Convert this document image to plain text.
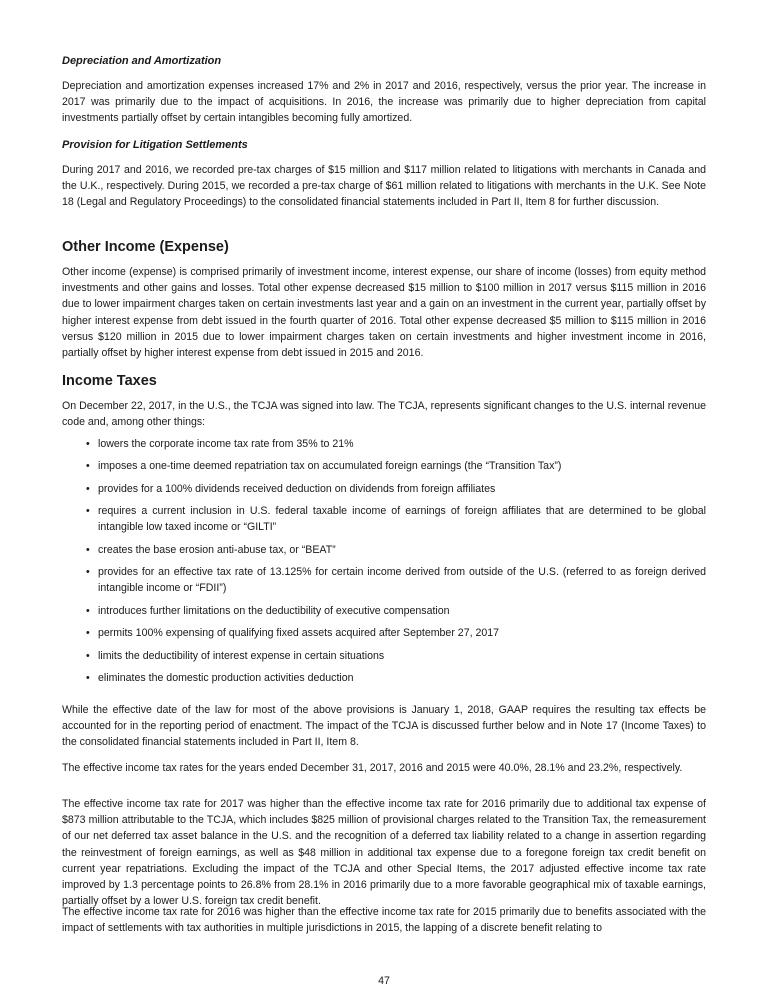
Depreciation and Amortization

Depreciation and amortization expenses increased 17% and 2% in 2017 and 2016, respectively, versus the prior year. The increase in 2017 was primarily due to the impact of acquisitions. In 2016, the increase was primarily due to higher depreciation from capital investments partially offset by certain intangibles becoming fully amortized.

Provision for Litigation Settlements

During 2017 and 2016, we recorded pre-tax charges of $15 million and $117 million related to litigations with merchants in Canada and the U.K., respectively. During 2015, we recorded a pre-tax charge of $61 million related to litigations with merchants in the U.K. See Note 18 (Legal and Regulatory Proceedings) to the consolidated financial statements included in Part II, Item 8 for further discussion.

Other Income (Expense)

Other income (expense) is comprised primarily of investment income, interest expense, our share of income (losses) from equity method investments and other gains and losses. Total other expense decreased $15 million to $100 million in 2017 versus $115 million in 2016 due to lower impairment charges taken on certain investments last year and a gain on an investment in the current year, partially offset by higher interest expense from debt issued in the fourth quarter of 2016. Total other expense decreased $5 million to $115 million in 2016 versus $120 million in 2015 due to lower impairment charges taken on certain investments and higher investment income in 2016, partially offset by higher interest expense from debt issued in 2015 and 2016.

Income Taxes

On December 22, 2017, in the U.S., the TCJA was signed into law. The TCJA, represents significant changes to the U.S. internal revenue code and, among other things:

• lowers the corporate income tax rate from 35% to 21%
• imposes a one-time deemed repatriation tax on accumulated foreign earnings (the “Transition Tax”)
• provides for a 100% dividends received deduction on dividends from foreign affiliates
• requires a current inclusion in U.S. federal taxable income of earnings of foreign affiliates that are determined to be global intangible low taxed income or “GILTI”
• creates the base erosion anti-abuse tax, or “BEAT”
• provides for an effective tax rate of 13.125% for certain income derived from outside of the U.S. (referred to as foreign derived intangible income or “FDII”)
• introduces further limitations on the deductibility of executive compensation
• permits 100% expensing of qualifying fixed assets acquired after September 27, 2017
• limits the deductibility of interest expense in certain situations
• eliminates the domestic production activities deduction

While the effective date of the law for most of the above provisions is January 1, 2018, GAAP requires the resulting tax effects be accounted for in the reporting period of enactment. The impact of the TCJA is discussed further below and in Note 17 (Income Taxes) to the consolidated financial statements included in Part II, Item 8.

The effective income tax rates for the years ended December 31, 2017, 2016 and 2015 were 40.0%, 28.1% and 23.2%, respectively.

The effective income tax rate for 2017 was higher than the effective income tax rate for 2016 primarily due to additional tax expense of $873 million attributable to the TCJA, which includes $825 million of provisional charges related to the Transition Tax, the remeasurement of our net deferred tax asset balance in the U.S. and the recognition of a deferred tax liability related to a change in assertion regarding the reinvestment of foreign earnings, as well as $48 million in additional tax expense due to a foregone foreign tax credit benefit on current year repatriations. Excluding the impact of the TCJA and other Special Items, the 2017 adjusted effective income tax rate improved by 1.3 percentage points to 26.8% from 28.1% in 2016 primarily due to a more favorable geographical mix of taxable earnings, partially offset by a lower U.S. foreign tax credit benefit.

The effective income tax rate for 2016 was higher than the effective income tax rate for 2015 primarily due to benefits associated with the impact of settlements with tax authorities in multiple jurisdictions in 2015, the lapping of a discrete benefit relating to

47
